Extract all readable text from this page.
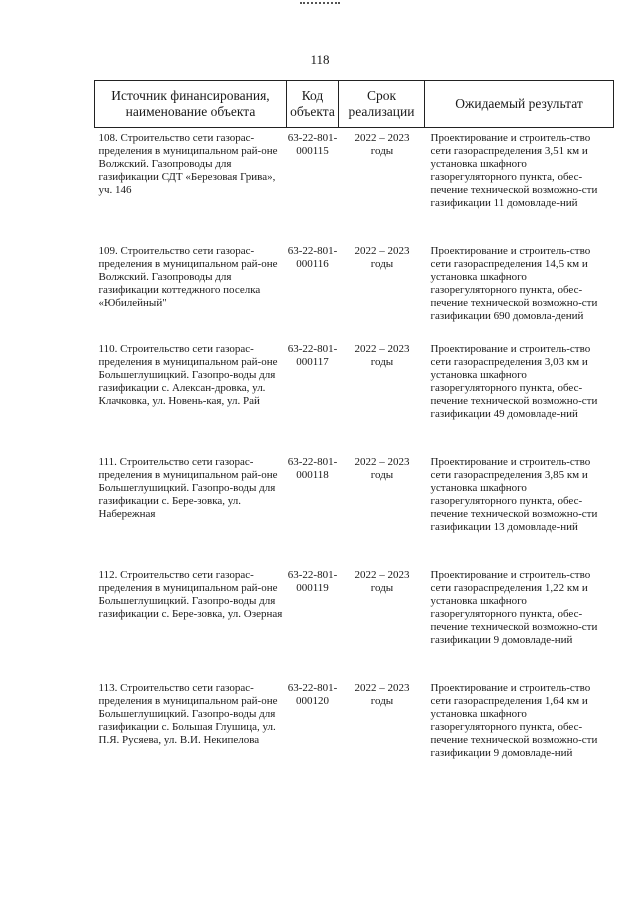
118
Источник финансирования, наименование объекта	Код объекта	Срок реализации	Ожидаемый результат

108. Строительство сети газорас-пределения в муниципальном рай-оне Волжский. Газопроводы для газификации СДТ «Березовая Грива», уч. 146	63-22-801-000115	2022 – 2023 годы	Проектирование и строитель-ство сети газораспределения 3,51 км и установка шкафного газорегуляторного пункта, обес-печение технической возможно-сти газификации 11 домовладе-ний
109. Строительство сети газорас-пределения в муниципальном рай-оне Волжский. Газопроводы для газификации коттеджного поселка «Юбилейный"	63-22-801-000116	2022 – 2023 годы	Проектирование и строитель-ство сети газораспределения 14,5 км и установка шкафного газорегуляторного пункта, обес-печение технической возможно-сти газификации 690 домовла-дений
110. Строительство сети газорас-пределения в муниципальном рай-оне Большеглушицкий. Газопро-воды для газификации с. Алексан-дровка, ул. Клачковка, ул. Новень-кая, ул. Рай	63-22-801-000117	2022 – 2023 годы	Проектирование и строитель-ство сети газораспределения 3,03 км и установка шкафного газорегуляторного пункта, обес-печение технической возможно-сти газификации 49 домовладе-ний
111. Строительство сети газорас-пределения в муниципальном рай-оне Большеглушицкий. Газопро-воды для газификации с. Бере-зовка, ул. Набережная	63-22-801-000118	2022 – 2023 годы	Проектирование и строитель-ство сети газораспределения 3,85 км и установка шкафного газорегуляторного пункта, обес-печение технической возможно-сти газификации 13 домовладе-ний
112. Строительство сети газорас-пределения в муниципальном рай-оне Большеглушицкий. Газопро-воды для газификации с. Бере-зовка, ул. Озерная	63-22-801-000119	2022 – 2023 годы	Проектирование и строитель-ство сети газораспределения 1,22 км и установка шкафного газорегуляторного пункта, обес-печение технической возможно-сти газификации 9 домовладе-ний
113. Строительство сети газорас-пределения в муниципальном рай-оне Большеглушицкий. Газопро-воды для газификации с. Большая Глушица, ул. П.Я. Русяева, ул. В.И. Некипелова	63-22-801-000120	2022 – 2023 годы	Проектирование и строитель-ство сети газораспределения 1,64 км и установка шкафного газорегуляторного пункта, обес-печение технической возможно-сти газификации 9 домовладе-ний
